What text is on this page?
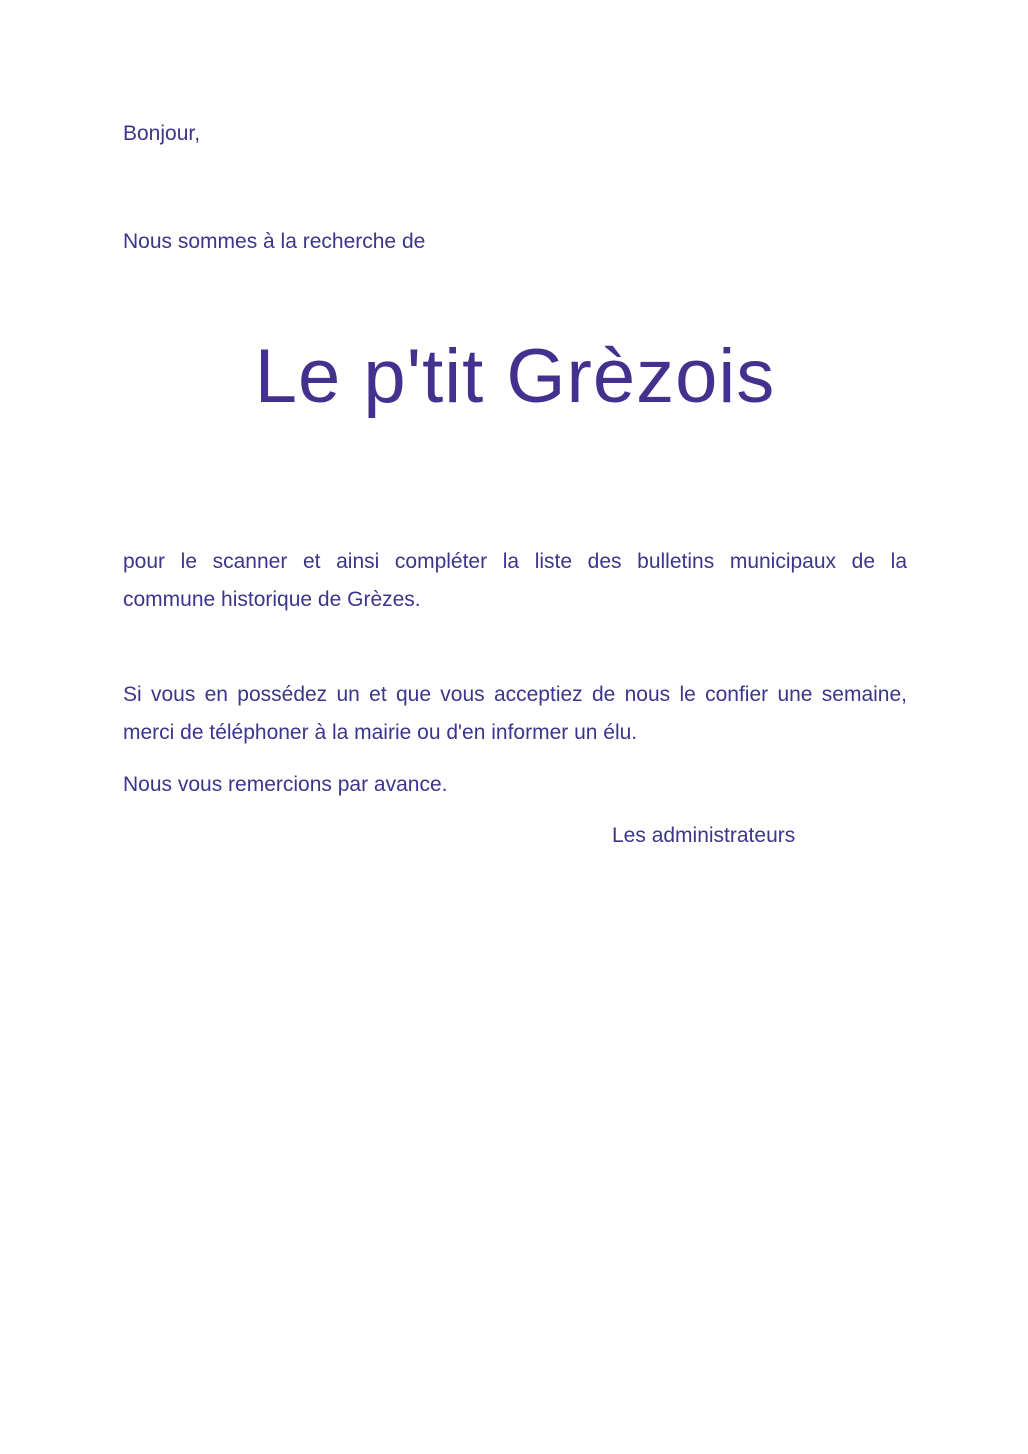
Bonjour,

Nous sommes à la recherche de

Le p'tit Grèzois
pour le scanner et ainsi compléter la liste des bulletins municipaux de la
commune historique de Grèzes.
Si vous en possédez un et que vous acceptiez de nous le confier une semaine,
merci de téléphoner à la mairie ou d'en informer un élu.
Nous vous remercions par avance.

Les administrateurs
